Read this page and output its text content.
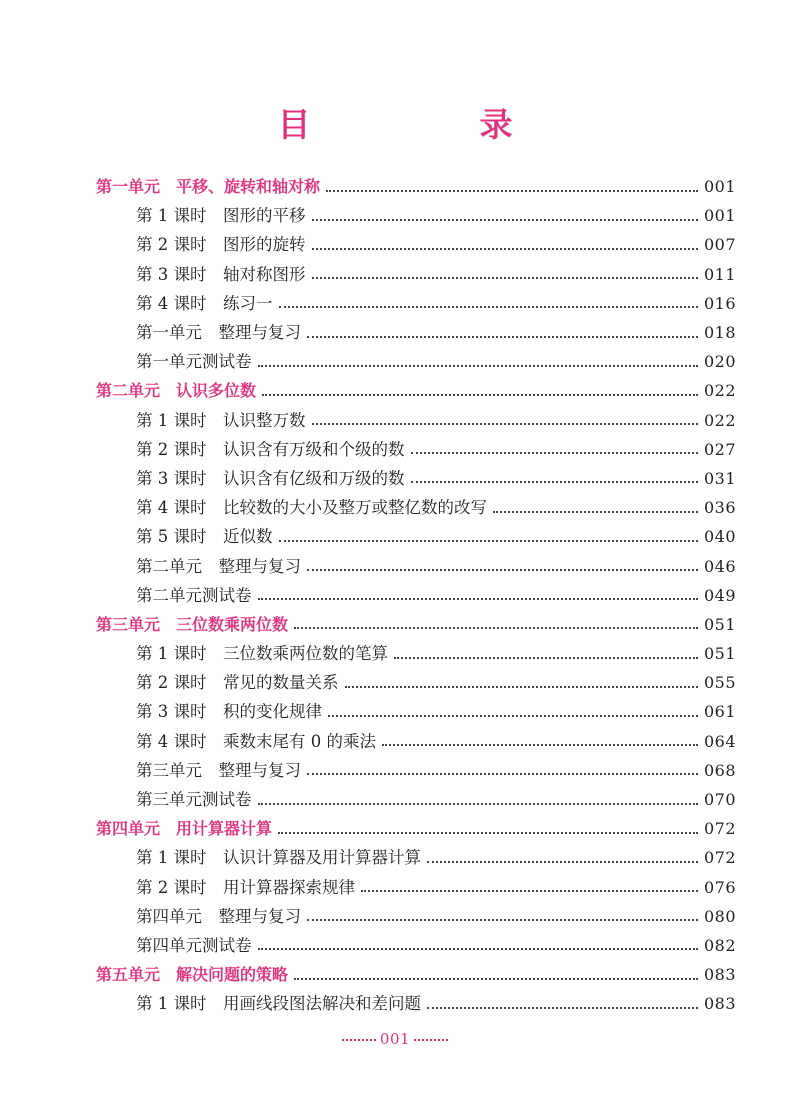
目　录
第一单元　平移、旋转和轴对称	001
第 1 课时　图形的平移	001
第 2 课时　图形的旋转	007
第 3 课时　轴对称图形	011
第 4 课时　练习一	016
第一单元　整理与复习	018
第一单元测试卷	020
第二单元　认识多位数	022
第 1 课时　认识整万数	022
第 2 课时　认识含有万级和个级的数	027
第 3 课时　认识含有亿级和万级的数	031
第 4 课时　比较数的大小及整万或整亿数的改写	036
第 5 课时　近似数	040
第二单元　整理与复习	046
第二单元测试卷	049
第三单元　三位数乘两位数	051
第 1 课时　三位数乘两位数的笔算	051
第 2 课时　常见的数量关系	055
第 3 课时　积的变化规律	061
第 4 课时　乘数末尾有 0 的乘法	064
第三单元　整理与复习	068
第三单元测试卷	070
第四单元　用计算器计算	072
第 1 课时　认识计算器及用计算器计算	072
第 2 课时　用计算器探索规律	076
第四单元　整理与复习	080
第四单元测试卷	082
第五单元　解决问题的策略	083
第 1 课时　用画线段图法解决和差问题	083
001
